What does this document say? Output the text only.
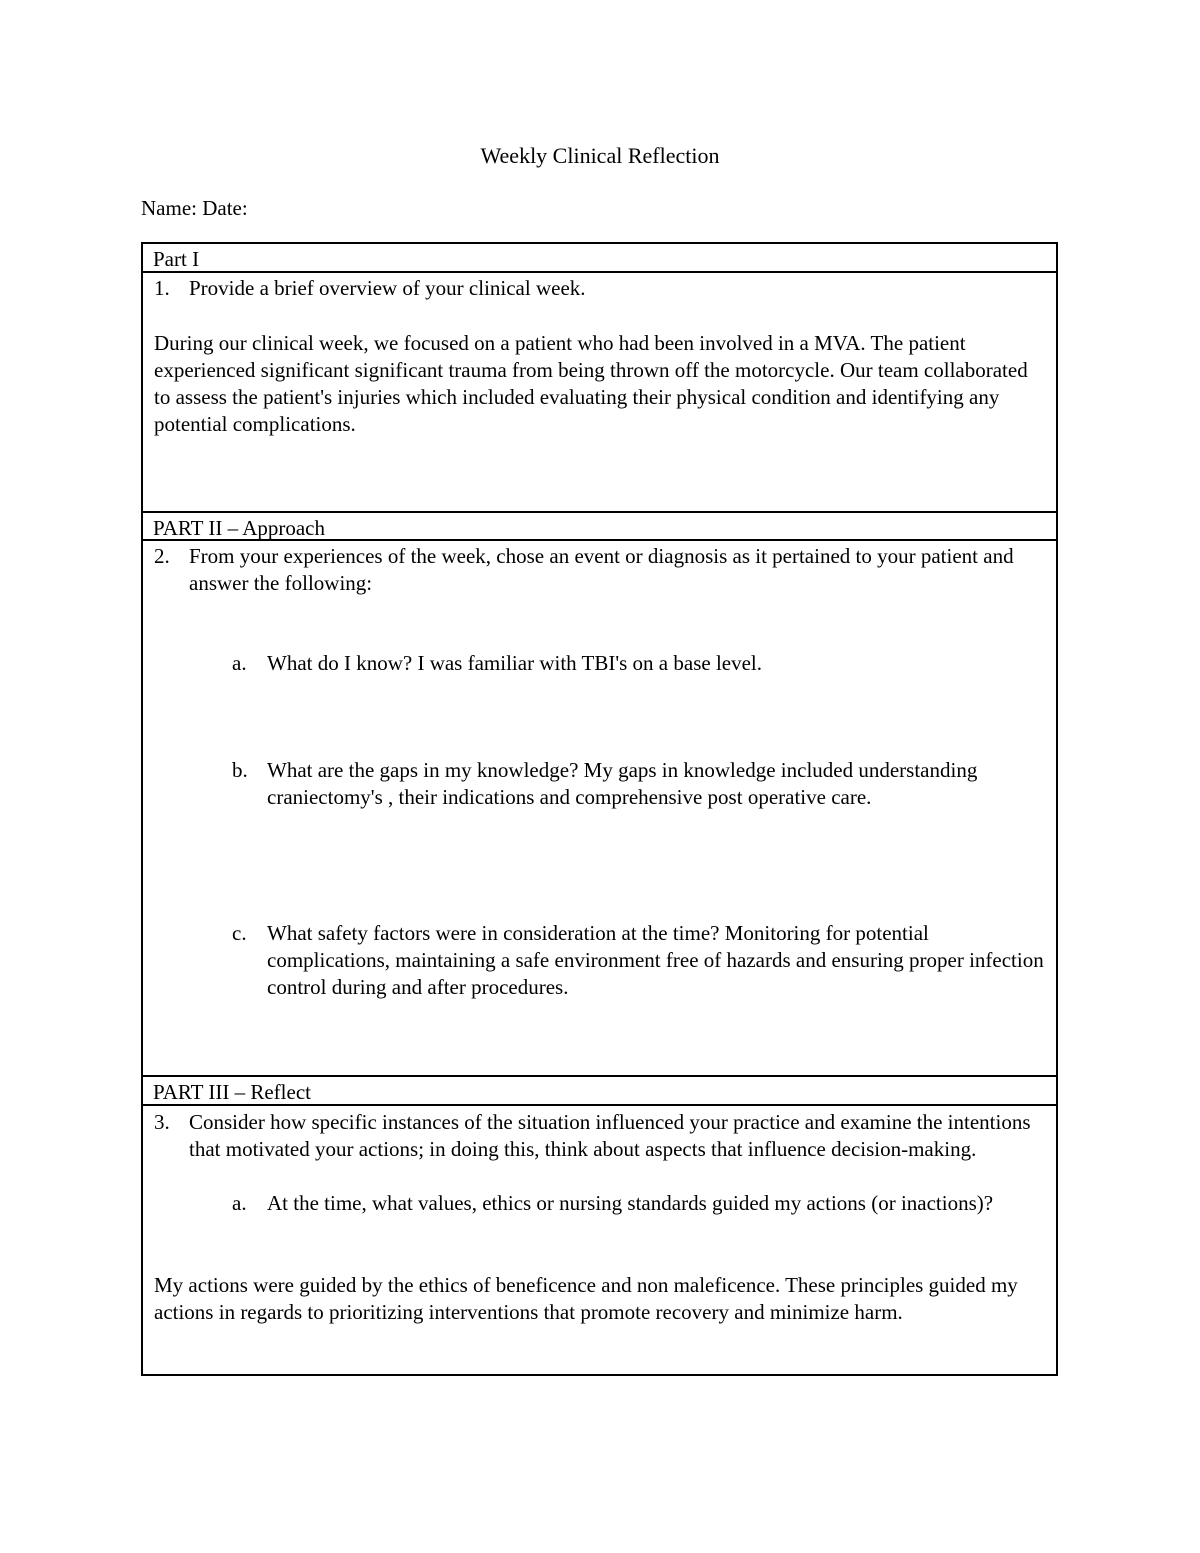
Weekly Clinical Reflection
Name: Date:
Part I
1. Provide a brief overview of your clinical week.
During our clinical week, we focused on a patient who had been involved in a MVA. The patient experienced significant significant trauma from being thrown off the motorcycle. Our team collaborated to assess the patient's injuries which included evaluating their physical condition and identifying any potential complications.
PART II – Approach
2. From your experiences of the week, chose an event or diagnosis as it pertained to your patient and answer the following:
a. What do I know? I was familiar with TBI's on a base level.
b. What are the gaps in my knowledge? My gaps in knowledge included understanding craniectomy's , their indications and comprehensive post operative care.
c. What safety factors were in consideration at the time? Monitoring for potential complications, maintaining a safe environment free of hazards and ensuring proper infection control during and after procedures.
PART III – Reflect
3. Consider how specific instances of the situation influenced your practice and examine the intentions that motivated your actions; in doing this, think about aspects that influence decision-making.
a. At the time, what values, ethics or nursing standards guided my actions (or inactions)?
My actions were guided by the ethics of beneficence and non maleficence. These principles guided my actions in regards to prioritizing interventions that promote recovery and minimize harm.
